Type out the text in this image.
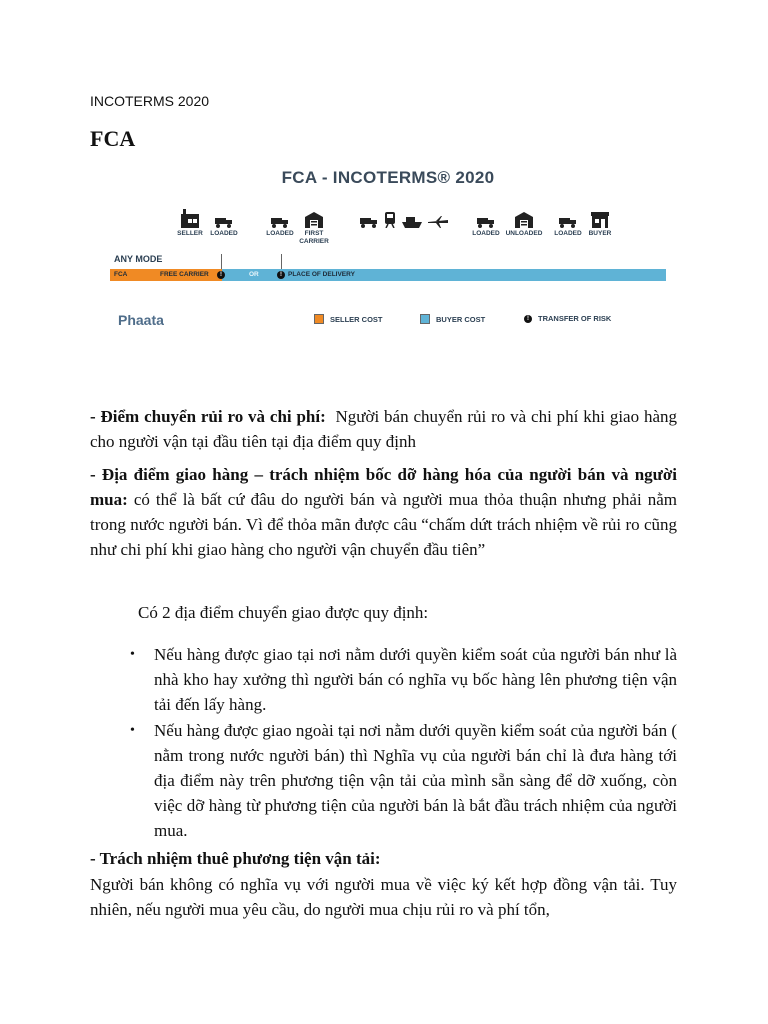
INCOTERMS 2020
FCA
FCA - INCOTERMS® 2020
SELLER	LOADED	LOADED	FIRST CARRIER
LOADED UNLOADED	LOADED	BUYER
ANY MODE
FCA	FREE CARRIER	!	OR	! PLACE OF DELIVERY
Phaata	SELLER COST	BUYER COST	!	TRANSFER OF RISK

- Điểm chuyển rủi ro và chi phí: Người bán chuyển rủi ro và chi phí khi giao hàng cho người vận tại đầu tiên tại địa điểm quy định

- Địa điểm giao hàng – trách nhiệm bốc dỡ hàng hóa của người bán và người mua: có thể là bất cứ đâu do người bán và người mua thỏa thuận nhưng phải nằm trong nước người bán. Vì để thỏa mãn được câu “chấm dứt trách nhiệm về rủi ro cũng như chi phí khi giao hàng cho người vận chuyển đầu tiên”

Có 2 địa điểm chuyển giao được quy định:

• Nếu hàng được giao tại nơi nằm dưới quyền kiểm soát của người bán như là nhà kho hay xưởng thì người bán có nghĩa vụ bốc hàng lên phương tiện vận tải đến lấy hàng.
• Nếu hàng được giao ngoài tại nơi nằm dưới quyền kiểm soát của người bán ( nằm trong nước người bán) thì Nghĩa vụ của người bán chỉ là đưa hàng tới địa điểm này trên phương tiện vận tải của mình sẵn sàng để dỡ xuống, còn việc dỡ hàng từ phương tiện của người bán là bắt đầu trách nhiệm của người mua.

- Trách nhiệm thuê phương tiện vận tải:

Người bán không có nghĩa vụ với người mua về việc ký kết hợp đồng vận tải. Tuy nhiên, nếu người mua yêu cầu, do người mua chịu rủi ro và phí tổn,
